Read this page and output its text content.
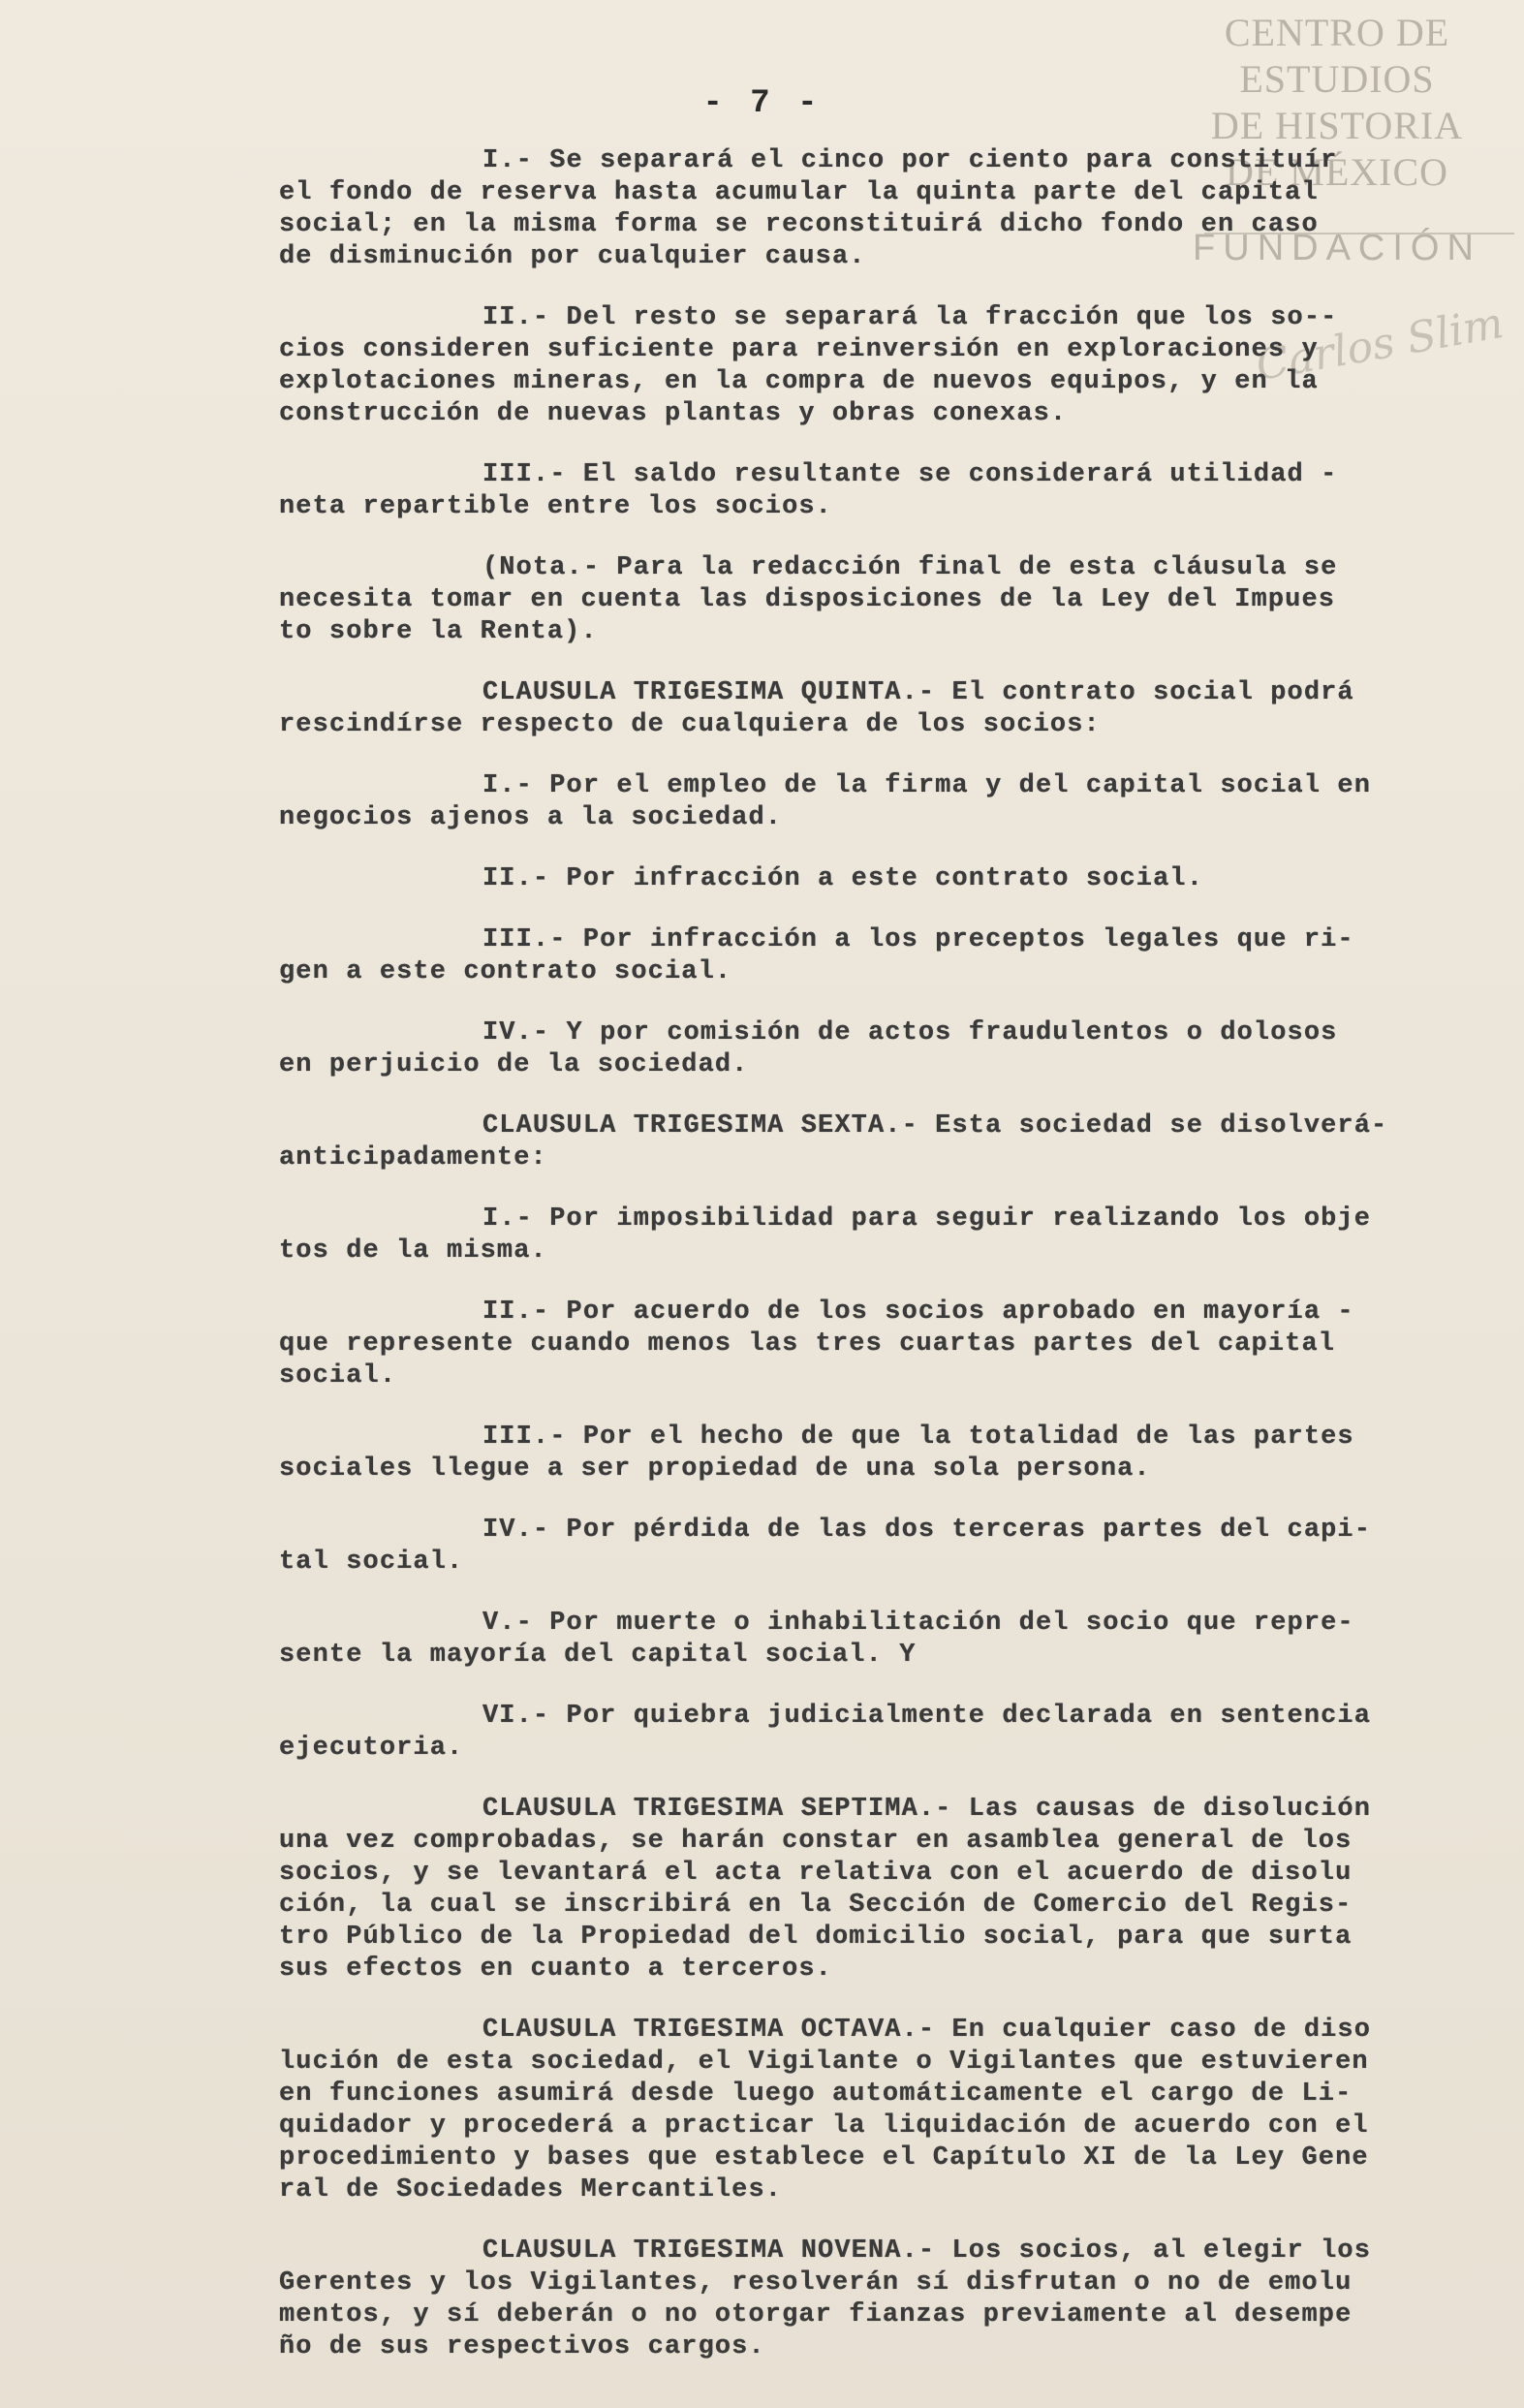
CENTRO DE
ESTUDIOS
DE HISTORIA
DE MÉXICO
FUNDACIÓN
Carlos Slim
- 7 -
I.- Se separará el cinco por ciento para constituír
el fondo de reserva hasta acumular la quinta parte del capital
social; en la misma forma se reconstituirá dicho fondo en caso
de disminución por cualquier causa.
II.- Del resto se separará la fracción que los so--
cios consideren suficiente para reinversión en exploraciones y
explotaciones mineras, en la compra de nuevos equipos, y en la
construcción de nuevas plantas y obras conexas.
III.- El saldo resultante se considerará utilidad -
neta repartible entre los socios.
(Nota.- Para la redacción final de esta cláusula se
necesita tomar en cuenta las disposiciones de la Ley del Impues
to sobre la Renta).
CLAUSULA TRIGESIMA QUINTA.- El contrato social podrá
rescindírse respecto de cualquiera de los socios:
I.- Por el empleo de la firma y del capital social en
negocios ajenos a la sociedad.
II.- Por infracción a este contrato social.
III.- Por infracción a los preceptos legales que ri-
gen a este contrato social.
IV.- Y por comisión de actos fraudulentos o dolosos
en perjuicio de la sociedad.
CLAUSULA TRIGESIMA SEXTA.- Esta sociedad se disolverá-
anticipadamente:
I.- Por imposibilidad para seguir realizando los obje
tos de la misma.
II.- Por acuerdo de los socios aprobado en mayoría -
que represente cuando menos las tres cuartas partes del capital
social.
III.- Por el hecho de que la totalidad de las partes
sociales llegue a ser propiedad de una sola persona.
IV.- Por pérdida de las dos terceras partes del capi-
tal social.
V.- Por muerte o inhabilitación del socio que repre-
sente la mayoría del capital social. Y
VI.- Por quiebra judicialmente declarada en sentencia
ejecutoria.
CLAUSULA TRIGESIMA SEPTIMA.- Las causas de disolución
una vez comprobadas, se harán constar en asamblea general de los
socios, y se levantará el acta relativa con el acuerdo de disolu
ción, la cual se inscribirá en la Sección de Comercio del Regis-
tro Público de la Propiedad del domicilio social, para que surta
sus efectos en cuanto a terceros.
CLAUSULA TRIGESIMA OCTAVA.- En cualquier caso de diso
lución de esta sociedad, el Vigilante o Vigilantes que estuvieren
en funciones asumirá desde luego automáticamente el cargo de Li-
quidador y procederá a practicar la liquidación de acuerdo con el
procedimiento y bases que establece el Capítulo XI de la Ley Gene
ral de Sociedades Mercantiles.
CLAUSULA TRIGESIMA NOVENA.- Los socios, al elegir los
Gerentes y los Vigilantes, resolverán sí disfrutan o no de emolu
mentos, y sí deberán o no otorgar fianzas previamente al desempe
ño de sus respectivos cargos.
